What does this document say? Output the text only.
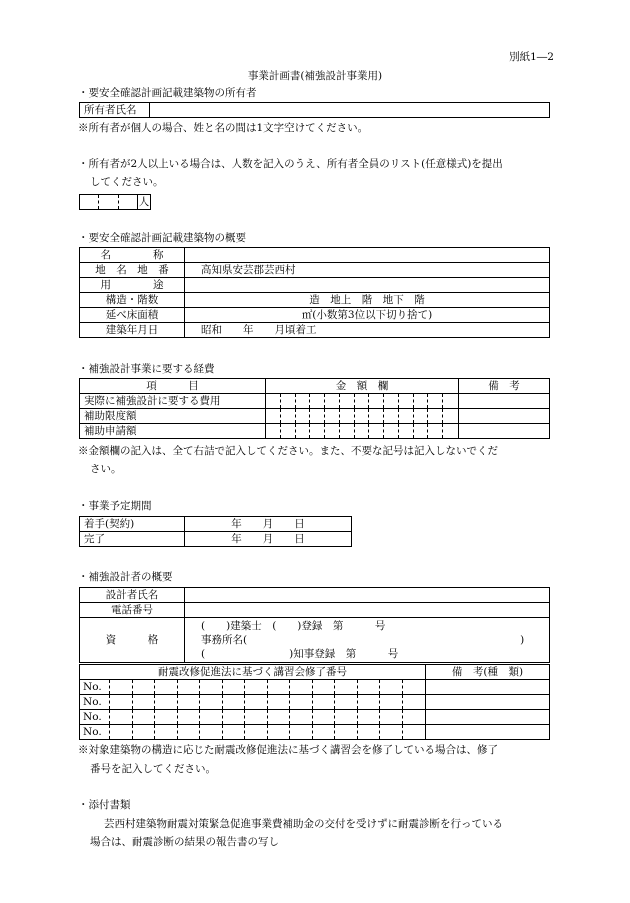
別紙1―2
事業計画書(補強設計事業用)
・要安全確認計画記載建築物の所有者
所有者氏名	
※所有者が個人の場合、姓と名の間は1文字空けてください。
・所有者が2人以上いる場合は、人数を記入のうえ、所有者全員のリスト(任意様式)を提出
してください。
	人
・要安全確認計画記載建築物の概要
名　　　　称	
地　名　地　番	高知県安芸郡芸西村
用　　　　途	
構造・階数	造　地上　階　地下　階
延べ床面積	㎡(小数第3位以下切り捨て)
建築年月日	昭和　　年　　月頃着工
・補強設計事業に要する経費
項　　　目	金　額　欄	備　考
実際に補強設計に要する費用	

補助限度額	

補助申請額	

※金額欄の記入は、全て右詰で記入してください。また、不要な記号は記入しないでくだ
さい。
・事業予定期間
着手(契約)	年　　月　　日
完了	年　　月　　日
・補強設計者の概要
設計者氏名	
電話番号	
資　　　格	(　　)建築士　(　　)登録　第　　　号
事務所名(　　　　　　　　　　　　　　　　　　　　　　　　　　)
(　　　　　　　　)知事登録　第　　　号
耐震改修促進法に基づく講習会修了番号	備　考(種　類)

No.	

No.	

No.	

No.	

※対象建築物の構造に応じた耐震改修促進法に基づく講習会を修了している場合は、修了
番号を記入してください。
・添付書類
芸西村建築物耐震対策緊急促進事業費補助金の交付を受けずに耐震診断を行っている
場合は、耐震診断の結果の報告書の写し
